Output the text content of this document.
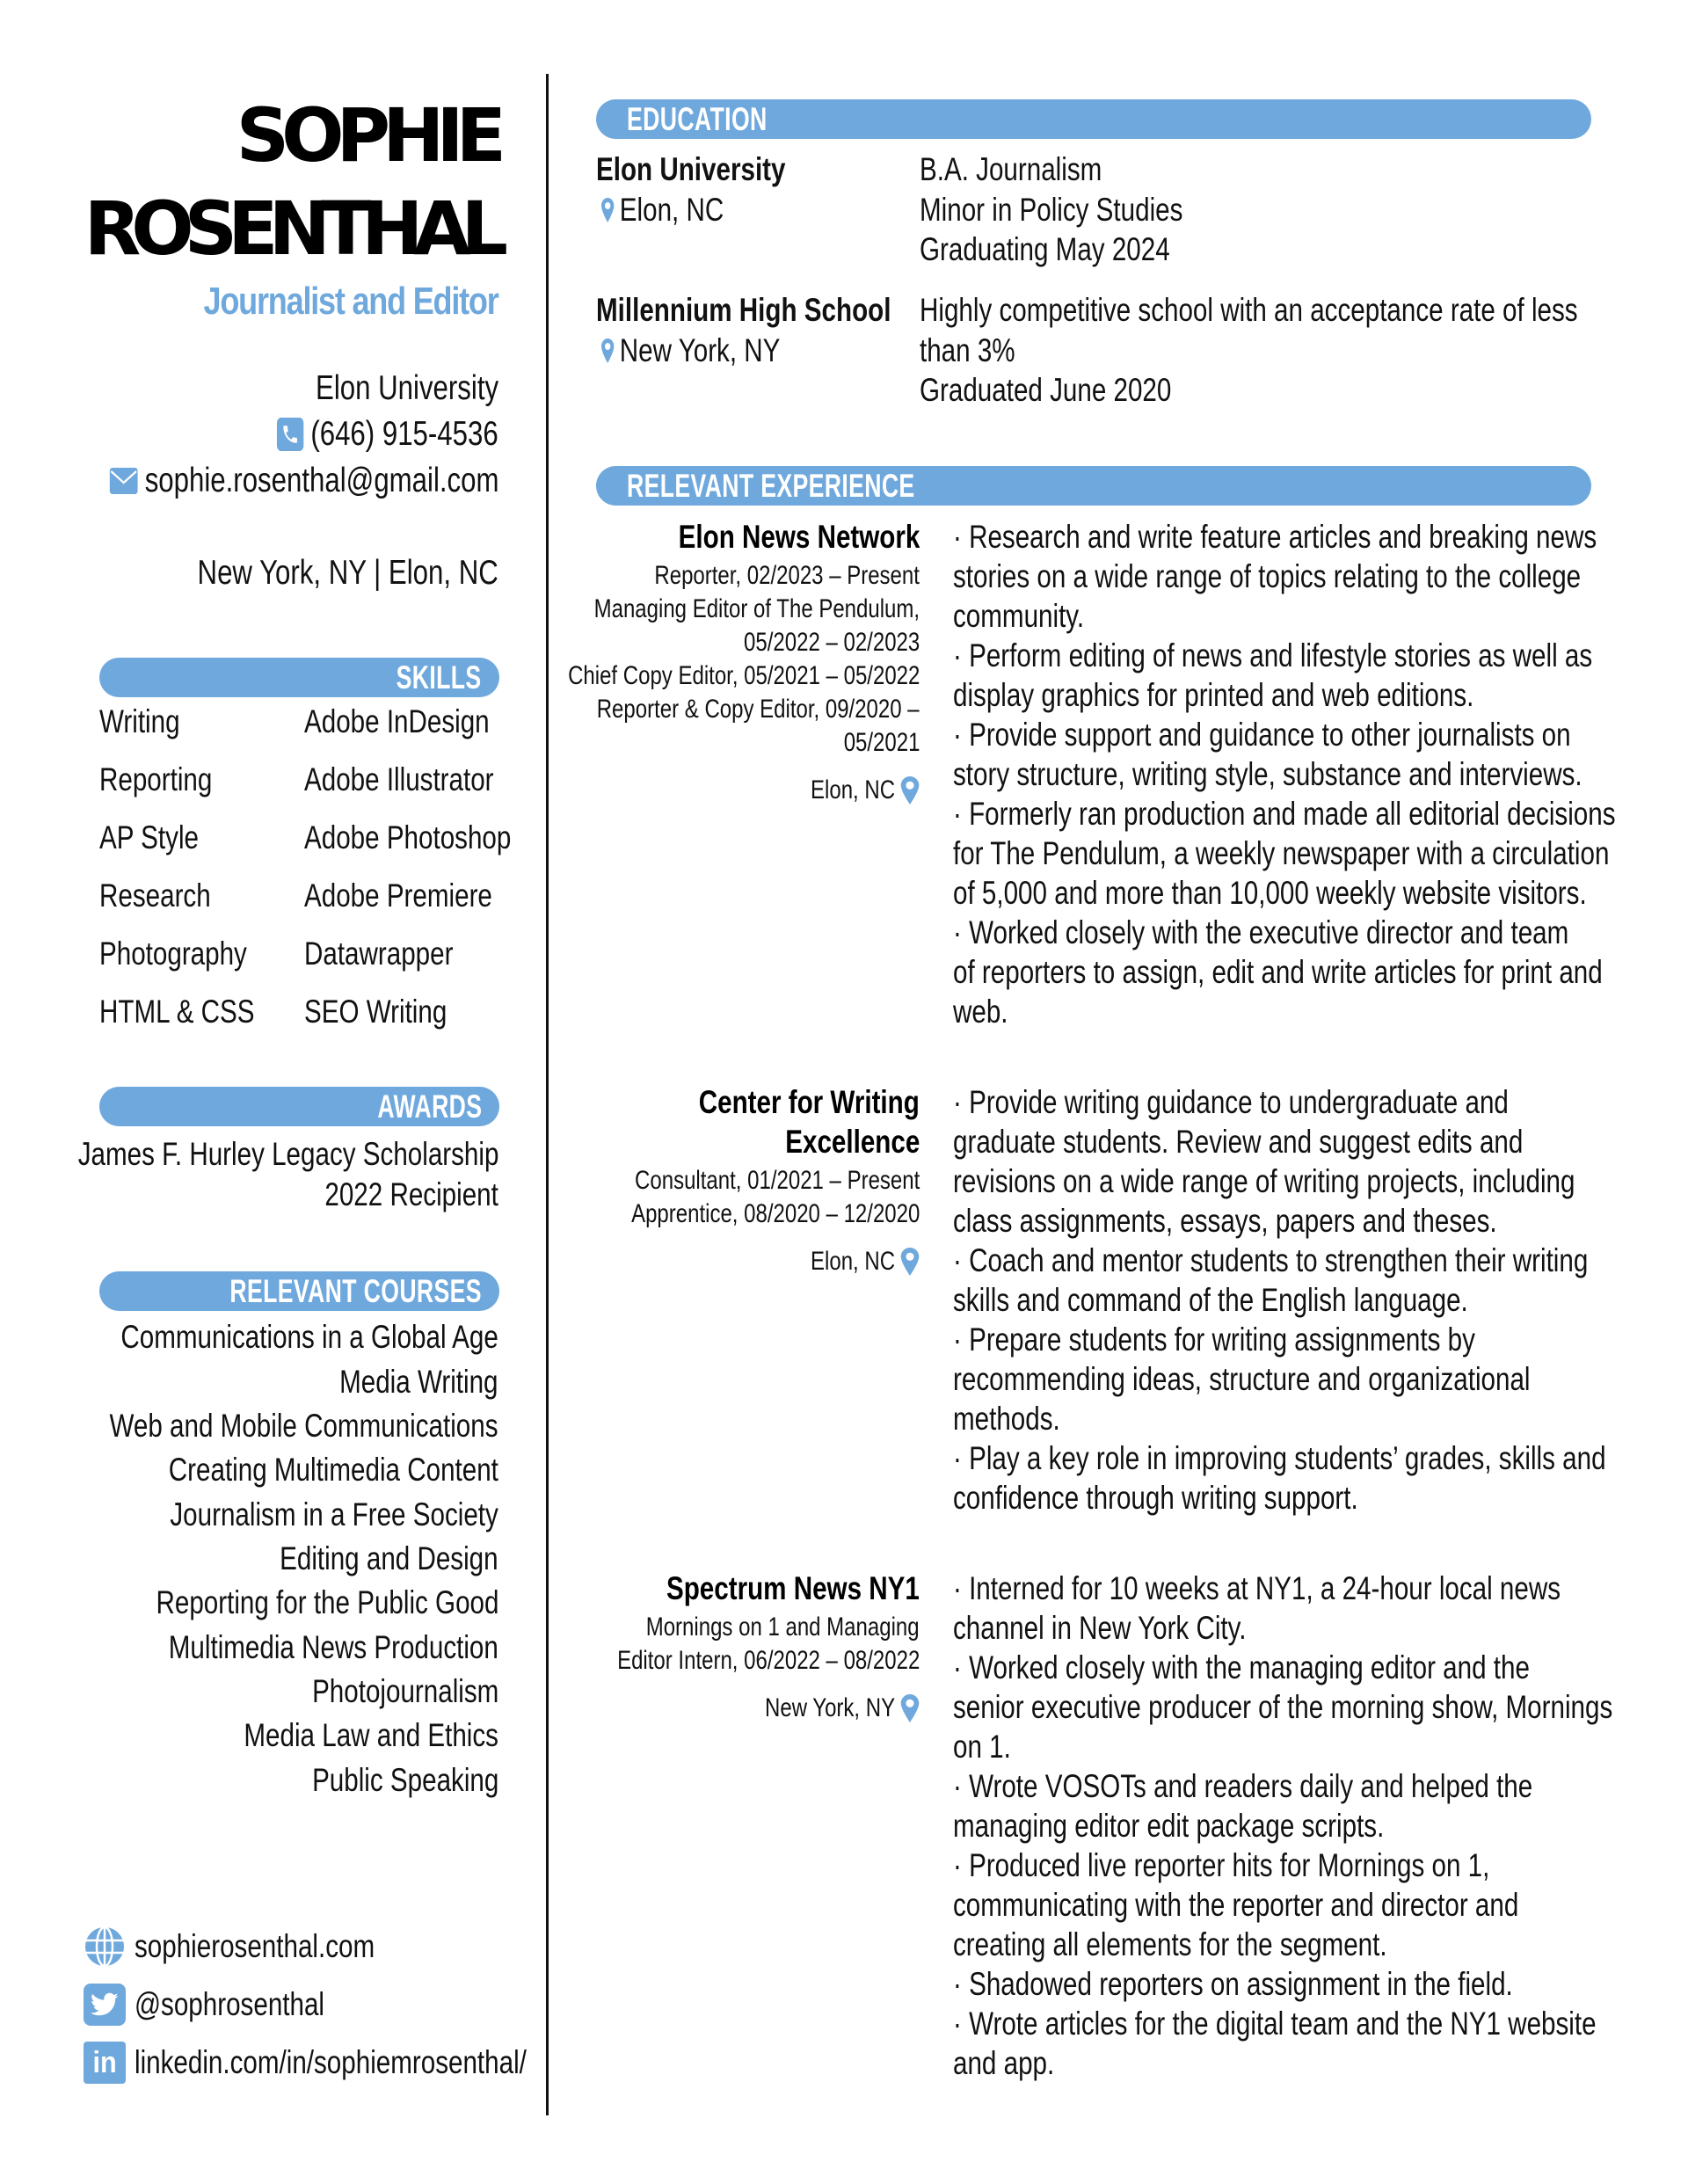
SOPHIE
ROSENTHAL
Journalist and Editor
Elon University
(646) 915-4536
sophie.rosenthal@gmail.com
New York, NY | Elon, NC
SKILLS
Writing
Reporting
AP Style
Research
Photography
HTML & CSS
Adobe InDesign
Adobe Illustrator
Adobe Photoshop
Adobe Premiere
Datawrapper
SEO Writing
AWARDS
James F. Hurley Legacy Scholarship
2022 Recipient
RELEVANT COURSES
Communications in a Global Age
Media Writing
Web and Mobile Communications
Creating Multimedia Content
Journalism in a Free Society
Editing and Design
Reporting for the Public Good
Multimedia News Production
Photojournalism
Media Law and Ethics
Public Speaking
sophierosenthal.com
@sophrosenthal
in linkedin.com/in/sophiemrosenthal/
EDUCATION
Elon University
Elon, NC
B.A. Journalism
Minor in Policy Studies
Graduating May 2024
Millennium High School
New York, NY
Highly competitive school with an acceptance rate of less
than 3%
Graduated June 2020
RELEVANT EXPERIENCE
Elon News Network
Reporter, 02/2023 – Present
Managing Editor of The Pendulum,
05/2022 – 02/2023
Chief Copy Editor, 05/2021 – 05/2022
Reporter & Copy Editor, 09/2020 –
05/2021
Elon, NC
· Research and write feature articles and breaking news
stories on a wide range of topics relating to the college
community.
· Perform editing of news and lifestyle stories as well as
display graphics for printed and web editions.
· Provide support and guidance to other journalists on
story structure, writing style, substance and interviews.
· Formerly ran production and made all editorial decisions
for The Pendulum, a weekly newspaper with a circulation
of 5,000 and more than 10,000 weekly website visitors.
· Worked closely with the executive director and team
of reporters to assign, edit and write articles for print and
web.
Center for Writing
Excellence
Consultant, 01/2021 – Present
Apprentice, 08/2020 – 12/2020
Elon, NC
· Provide writing guidance to undergraduate and
graduate students. Review and suggest edits and
revisions on a wide range of writing projects, including
class assignments, essays, papers and theses.
· Coach and mentor students to strengthen their writing
skills and command of the English language.
· Prepare students for writing assignments by
recommending ideas, structure and organizational
methods.
· Play a key role in improving students’ grades, skills and
confidence through writing support.
Spectrum News NY1
Mornings on 1 and Managing
Editor Intern, 06/2022 – 08/2022
New York, NY
· Interned for 10 weeks at NY1, a 24-hour local news
channel in New York City.
· Worked closely with the managing editor and the
senior executive producer of the morning show, Mornings
on 1.
· Wrote VOSOTs and readers daily and helped the
managing editor edit package scripts.
· Produced live reporter hits for Mornings on 1,
communicating with the reporter and director and
creating all elements for the segment.
· Shadowed reporters on assignment in the field.
· Wrote articles for the digital team and the NY1 website
and app.
